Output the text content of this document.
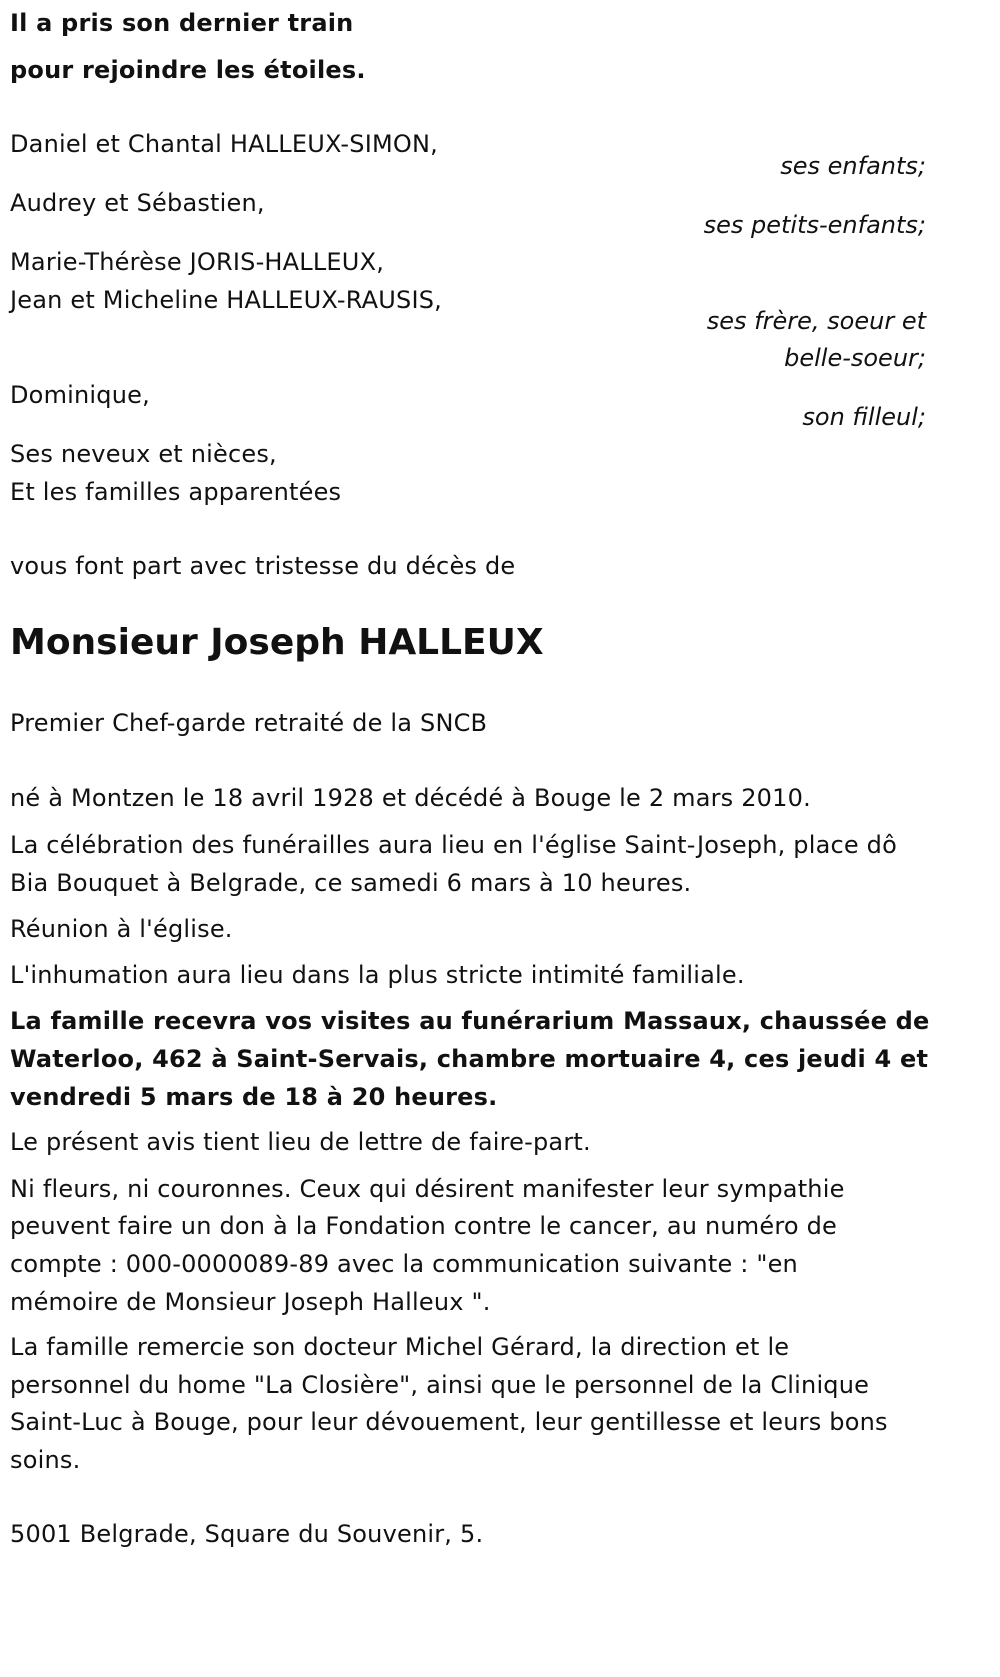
Il a pris son dernier train
pour rejoindre les étoiles.
Daniel et Chantal HALLEUX-SIMON,
ses enfants;
Audrey et Sébastien,
ses petits-enfants;
Marie-Thérèse JORIS-HALLEUX,
Jean et Micheline HALLEUX-RAUSIS,
ses frère, soeur et
belle-soeur;
Dominique,
son filleul;
Ses neveux et nièces,
Et les familles apparentées
vous font part avec tristesse du décès de
Monsieur Joseph HALLEUX
Premier Chef-garde retraité de la SNCB
né à Montzen le 18 avril 1928 et décédé à Bouge le 2 mars 2010.
La célébration des funérailles aura lieu en l'église Saint-Joseph, place dô
Bia Bouquet à Belgrade, ce samedi 6 mars à 10 heures.
Réunion à l'église.
L'inhumation aura lieu dans la plus stricte intimité familiale.
La famille recevra vos visites au funérarium Massaux, chaussée de
Waterloo, 462 à Saint-Servais, chambre mortuaire 4, ces jeudi 4 et
vendredi 5 mars de 18 à 20 heures.
Le présent avis tient lieu de lettre de faire-part.
Ni fleurs, ni couronnes. Ceux qui désirent manifester leur sympathie
peuvent faire un don à la Fondation contre le cancer, au numéro de
compte : 000-0000089-89 avec la communication suivante : "en
mémoire de Monsieur Joseph Halleux ".
La famille remercie son docteur Michel Gérard, la direction et le
personnel du home "La Closière", ainsi que le personnel de la Clinique
Saint-Luc à Bouge, pour leur dévouement, leur gentillesse et leurs bons
soins.
5001 Belgrade, Square du Souvenir, 5.
